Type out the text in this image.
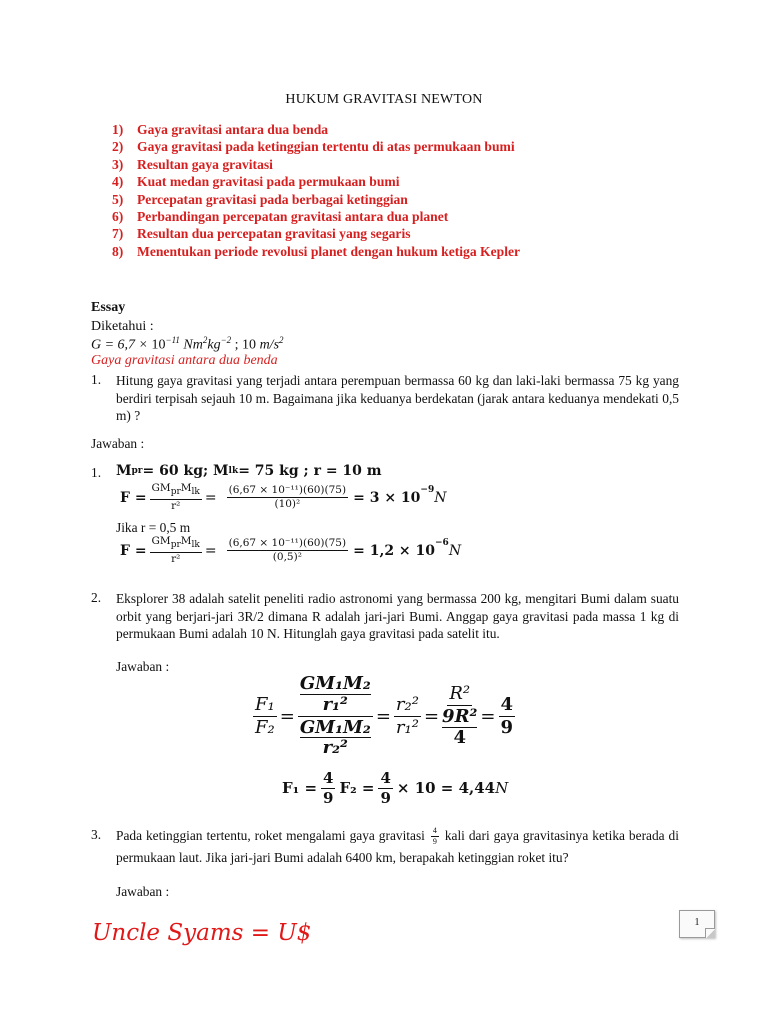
HUKUM GRAVITASI NEWTON
1)	Gaya gravitasi antara dua benda
2)	Gaya gravitasi pada ketinggian tertentu di atas permukaan bumi
3)	Resultan gaya gravitasi
4)	Kuat medan gravitasi pada permukaan bumi
5)	Percepatan gravitasi pada berbagai ketinggian
6)	Perbandingan percepatan gravitasi antara dua planet
7)	Resultan dua percepatan gravitasi yang segaris
8)	Menentukan periode revolusi planet dengan hukum ketiga Kepler
Essay
Diketahui :
$G = 6,7 \times 10^{-11}$ $Nm^2kg^{-2}$ ; 10 $m/s^2$
Gaya gravitasi antara dua benda
1. Hitung gaya gravitasi yang terjadi antara perempuan bermassa 60 kg dan laki-laki bermassa 75 kg yang berdiri terpisah sejauh 10 m. Bagaimana jika keduanya berdekatan (jarak antara keduanya mendekati 0,5 m) ?
Jawaban :
1. M pr = 60 kg; M lk = 75 kg ; r = 10 m
$F = \frac{GM_{pr}M_{lk}}{\text{r²}} = \frac{\text{(6,67 × 10⁻¹¹)(60)(75)}}{\text{(10)²}} = 3 \times 10^{-9}$ N
Jika r = 0,5 m
$F = \frac{GM_{pr}M_{lk}}{\text{r²}} = \frac{\text{(6,67 × 10⁻¹¹)(60)(75)}}{\text{(0,5)²}} = 1,2 \times 10^{-6}$ N
2. Eksplorer 38 adalah satelit peneliti radio astronomi yang bermassa 200 kg, mengitari Bumi dalam suatu orbit yang berjari-jari 3R/2 dimana R adalah jari-jari Bumi. Anggap gaya gravitasi pada massa 1 kg di permukaan Bumi adalah 10 N. Hitunglah gaya gravitasi pada satelit itu.
Jawaban :
$\frac{\text{F₁}}{\text{F₂}} = GM_1M_2$
r₁²
GM₁M₂
$r_2^2 = \frac{\text{r₂²}}{\text{r₁²}} = R^2$
9R²
$4 = \frac{4}{9}$
$F_1 = \frac{4}{9} F_2 = \frac{4}{9} \times 10 = 4,44$ N
3. Pada ketinggian tertentu, roket mengalami gaya gravitasi $\frac{4}{9}$ kali dari gaya gravitasinya ketika berada di permukaan laut. Jika jari-jari Bumi adalah 6400 km, berapakah ketinggian roket itu?
Jawaban :
Uncle Syams = U$	1
